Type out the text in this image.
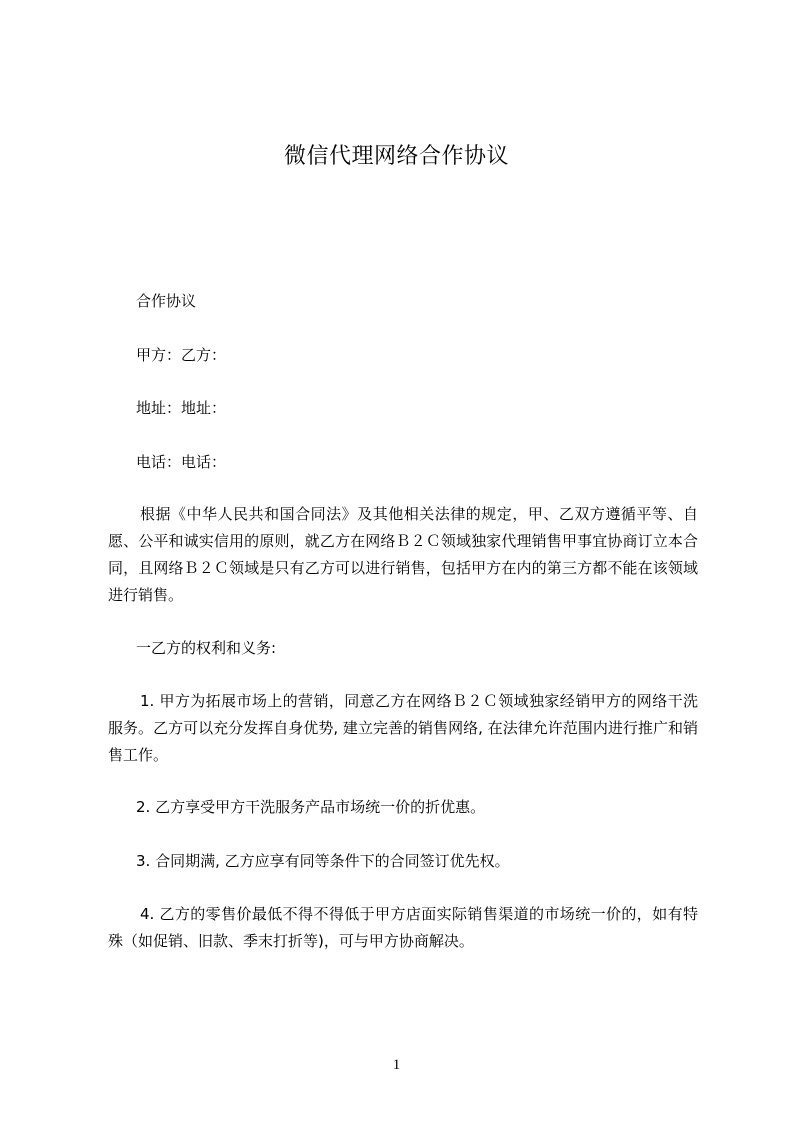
微信代理网络合作协议
合作协议
甲方：乙方：
地址：地址：
电话：电话：
根据《中华人民共和国合同法》及其他相关法律的规定，甲、乙双方遵循平等、自愿、公平和诚实信用的原则，就乙方在网络Ｂ２Ｃ领域独家代理销售甲事宜协商订立本合同，且网络Ｂ２Ｃ领域是只有乙方可以进行销售，包括甲方在内的第三方都不能在该领域进行销售。
一乙方的权利和义务:
1. 甲方为拓展市场上的营销，同意乙方在网络Ｂ２Ｃ领域独家经销甲方的网络干洗服务。乙方可以充分发挥自身优势, 建立完善的销售网络, 在法律允许范围内进行推广和销售工作。
2. 乙方享受甲方干洗服务产品市场统一价的折优惠。
3. 合同期满, 乙方应享有同等条件下的合同签订优先权。
4. 乙方的零售价最低不得不得低于甲方店面实际销售渠道的市场统一价的，如有特殊（如促销、旧款、季末打折等)，可与甲方协商解决。
1
